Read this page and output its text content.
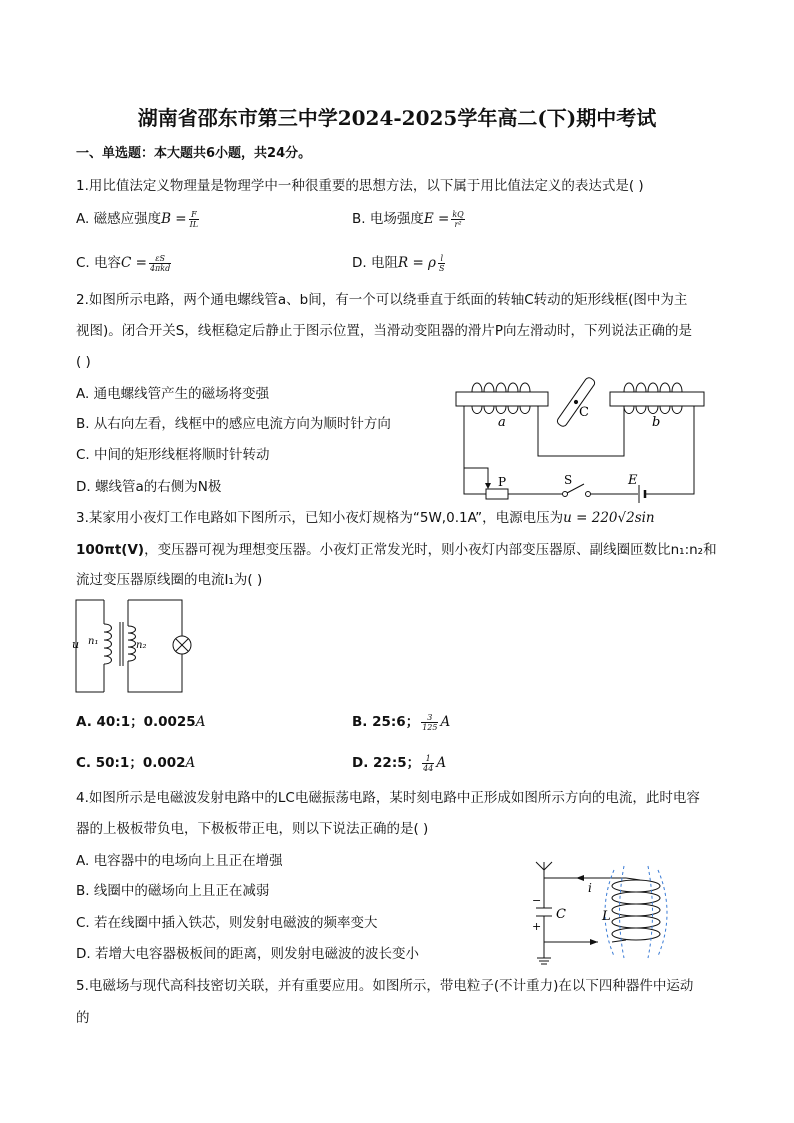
湖南省邵东市第三中学2024-2025学年高二(下)期中考试
一、单选题：本大题共6小题，共24分。
1.用比值法定义物理量是物理学中一种很重要的思想方法，以下属于用比值法定义的表达式是( )
A. 磁感应强度$B = \frac{F}{IL}$	B. 电场强度$E = \frac{kQ}{\text{r²}}$
C. 电容$C = \frac{\varepsilon S}{\text{4πkd}}$	D. 电阻R = ρ $\frac{l}{S}$
2.如图所示电路，两个通电螺线管a、b间，有一个可以绕垂直于纸面的转轴C转动的矩形线框(图中为主
视图)。闭合开关S，线框稳定后静止于图示位置，当滑动变阻器的滑片P向左滑动时，下列说法正确的是
( )
A. 通电螺线管产生的磁场将变强
B. 从右向左看，线框中的感应电流方向为顺时针方向
C. 中间的矩形线框将顺时针转动
D. 螺线管a的右侧为N极
a	b
C
P	S	E
3.某家用小夜灯工作电路如下图所示，已知小夜灯规格为“5W,0.1A”，电源电压为u = 220√2sin
100πt(V)，变压器可视为理想变压器。小夜灯正常发光时，则小夜灯内部变压器原、副线圈匝数比n₁:n₂和
流过变压器原线圈的电流I₁为( )
u n₁	n₂
A. 40:1；0.0025A	B. 25:6； $\frac{3}{125}$ A
C. 50:1；0.002A	D. 22:5； $\frac{1}{44}$ A
4.如图所示是电磁波发射电路中的LC电磁振荡电路，某时刻电路中正形成如图所示方向的电流，此时电容
器的上极板带负电，下极板带正电，则以下说法正确的是( )
A. 电容器中的电场向上且正在增强
B. 线圈中的磁场向上且正在减弱
C. 若在线圈中插入铁芯，则发射电磁波的频率变大
D. 若增大电容器极板间的距离，则发射电磁波的波长变小
i
C	L
−
+
5.电磁场与现代高科技密切关联，并有重要应用。如图所示，带电粒子(不计重力)在以下四种器件中运动
的
